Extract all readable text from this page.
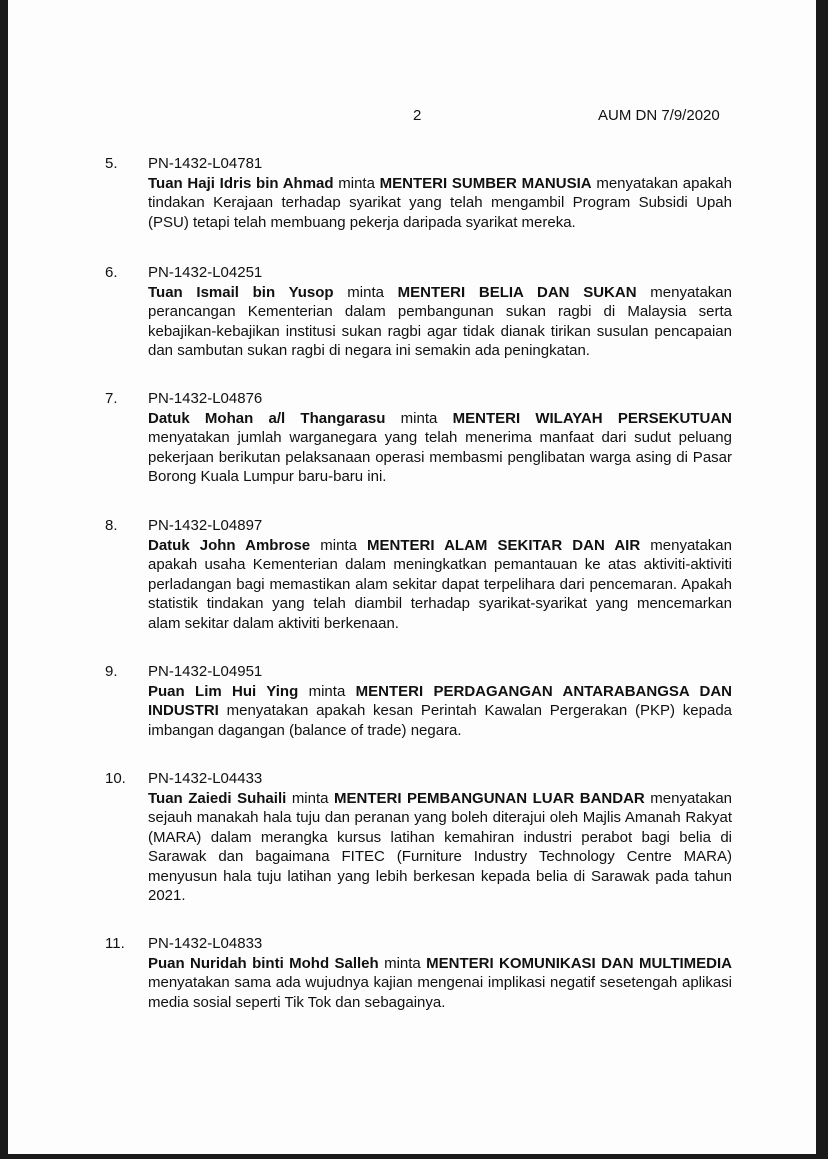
2	AUM DN 7/9/2020
5. PN-1432-L04781
Tuan Haji Idris bin Ahmad minta MENTERI SUMBER MANUSIA menyatakan apakah tindakan Kerajaan terhadap syarikat yang telah mengambil Program Subsidi Upah (PSU) tetapi telah membuang pekerja daripada syarikat mereka.
6. PN-1432-L04251
Tuan Ismail bin Yusop minta MENTERI BELIA DAN SUKAN menyatakan perancangan Kementerian dalam pembangunan sukan ragbi di Malaysia serta kebajikan-kebajikan institusi sukan ragbi agar tidak dianak tirikan susulan pencapaian dan sambutan sukan ragbi di negara ini semakin ada peningkatan.
7. PN-1432-L04876
Datuk Mohan a/l Thangarasu minta MENTERI WILAYAH PERSEKUTUAN menyatakan jumlah warganegara yang telah menerima manfaat dari sudut peluang pekerjaan berikutan pelaksanaan operasi membasmi penglibatan warga asing di Pasar Borong Kuala Lumpur baru-baru ini.
8. PN-1432-L04897
Datuk John Ambrose minta MENTERI ALAM SEKITAR DAN AIR menyatakan apakah usaha Kementerian dalam meningkatkan pemantauan ke atas aktiviti-aktiviti perladangan bagi memastikan alam sekitar dapat terpelihara dari pencemaran. Apakah statistik tindakan yang telah diambil terhadap syarikat-syarikat yang mencemarkan alam sekitar dalam aktiviti berkenaan.
9. PN-1432-L04951
Puan Lim Hui Ying minta MENTERI PERDAGANGAN ANTARABANGSA DAN INDUSTRI menyatakan apakah kesan Perintah Kawalan Pergerakan (PKP) kepada imbangan dagangan (balance of trade) negara.
10. PN-1432-L04433
Tuan Zaiedi Suhaili minta MENTERI PEMBANGUNAN LUAR BANDAR menyatakan sejauh manakah hala tuju dan peranan yang boleh diterajui oleh Majlis Amanah Rakyat (MARA) dalam merangka kursus latihan kemahiran industri perabot bagi belia di Sarawak dan bagaimana FITEC (Furniture Industry Technology Centre MARA) menyusun hala tuju latihan yang lebih berkesan kepada belia di Sarawak pada tahun 2021.
11. PN-1432-L04833
Puan Nuridah binti Mohd Salleh minta MENTERI KOMUNIKASI DAN MULTIMEDIA menyatakan sama ada wujudnya kajian mengenai implikasi negatif sesetengah aplikasi media sosial seperti Tik Tok dan sebagainya.
